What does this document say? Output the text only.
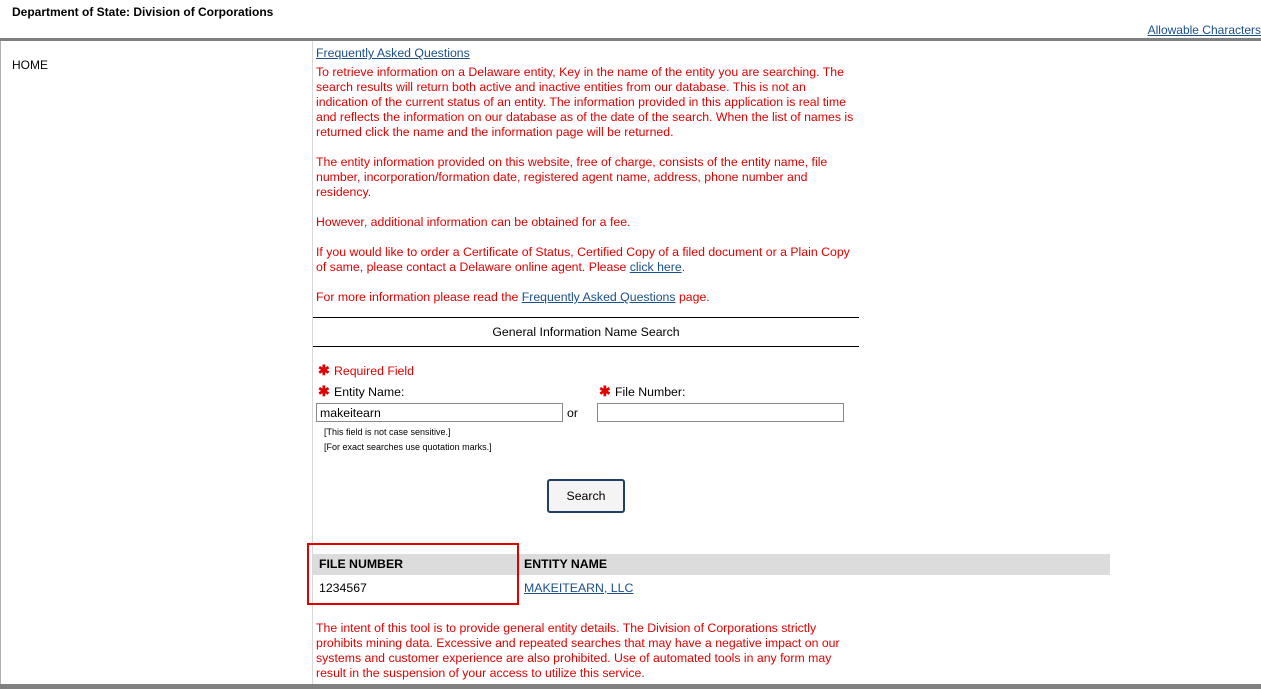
Department of State: Division of Corporations
Allowable Characters
HOME
Frequently Asked Questions

To retrieve information on a Delaware entity, Key in the name of the entity you are searching. The search results will return both active and inactive entities from our database. This is not an indication of the current status of an entity. The information provided in this application is real time and reflects the information on our database as of the date of the search. When the list of names is returned click the name and the information page will be returned.

The entity information provided on this website, free of charge, consists of the entity name, file number, incorporation/formation date, registered agent name, address, phone number and residency.

However, additional information can be obtained for a fee.

If you would like to order a Certificate of Status, Certified Copy of a filed document or a Plain Copy of same, please contact a Delaware online agent. Please click here.

For more information please read the Frequently Asked Questions page.

General Information Name Search
✱ Required Field
✱ Entity Name:	✱ File Number:
makeitearn
or
[This field is not case sensitive.]
[For exact searches use quotation marks.]
Search
FILE NUMBER	ENTITY NAME
1234567	MAKEITEARN, LLC

The intent of this tool is to provide general entity details. The Division of Corporations strictly prohibits mining data. Excessive and repeated searches that may have a negative impact on our systems and customer experience are also prohibited. Use of automated tools in any form may result in the suspension of your access to utilize this service.
